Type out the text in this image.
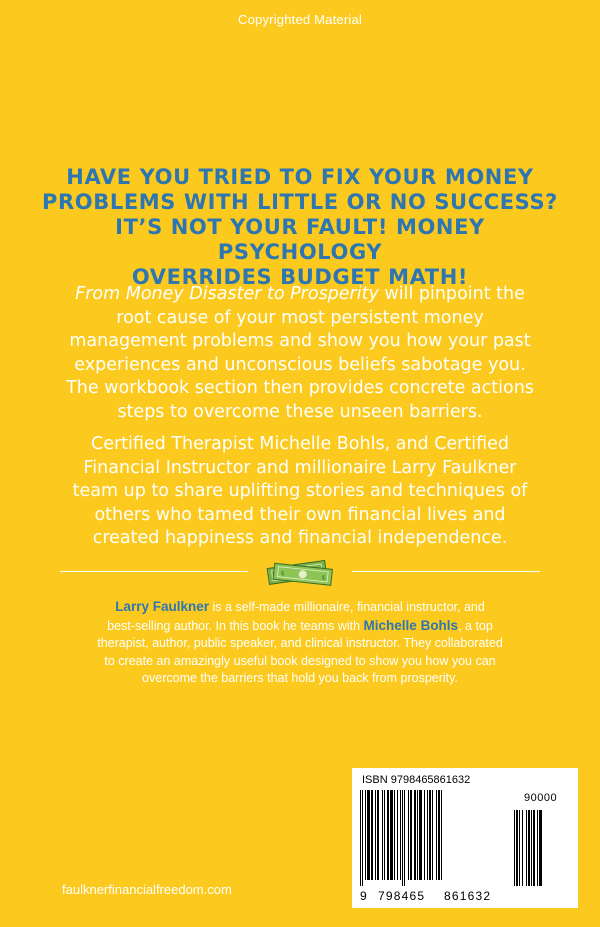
Copyrighted Material
HAVE YOU TRIED TO FIX YOUR MONEY
PROBLEMS WITH LITTLE OR NO SUCCESS?
IT’S NOT YOUR FAULT! MONEY PSYCHOLOGY
OVERRIDES BUDGET MATH!
From Money Disaster to Prosperity will pinpoint the
root cause of your most persistent money
management problems and show you how your past
experiences and unconscious beliefs sabotage you.
The workbook section then provides concrete actions
steps to overcome these unseen barriers.
Certified Therapist Michelle Bohls, and Certified
Financial Instructor and millionaire Larry Faulkner
team up to share uplifting stories and techniques of
others who tamed their own financial lives and
created happiness and financial independence.
$
$
Larry Faulkner is a self-made millionaire, financial instructor, and
best-selling author. In this book he teams with Michelle Bohls, a top
therapist, author, public speaker, and clinical instructor. They collaborated
to create an amazingly useful book designed to show you how you can
overcome the barriers that hold you back from prosperity.
faulknerfinancialfreedom.com
ISBN 9798465861632
90000
9 798465 861632
